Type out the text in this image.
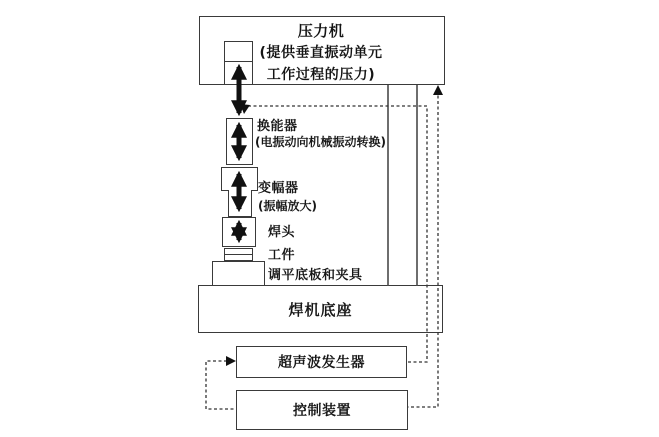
压力机
(提供垂直振动单元
工作过程的压力)
换能器
(电振动向机械振动转换)
变幅器
(振幅放大)
焊头
工件
调平底板和夹具
焊机底座
超声波发生器
控制装置
